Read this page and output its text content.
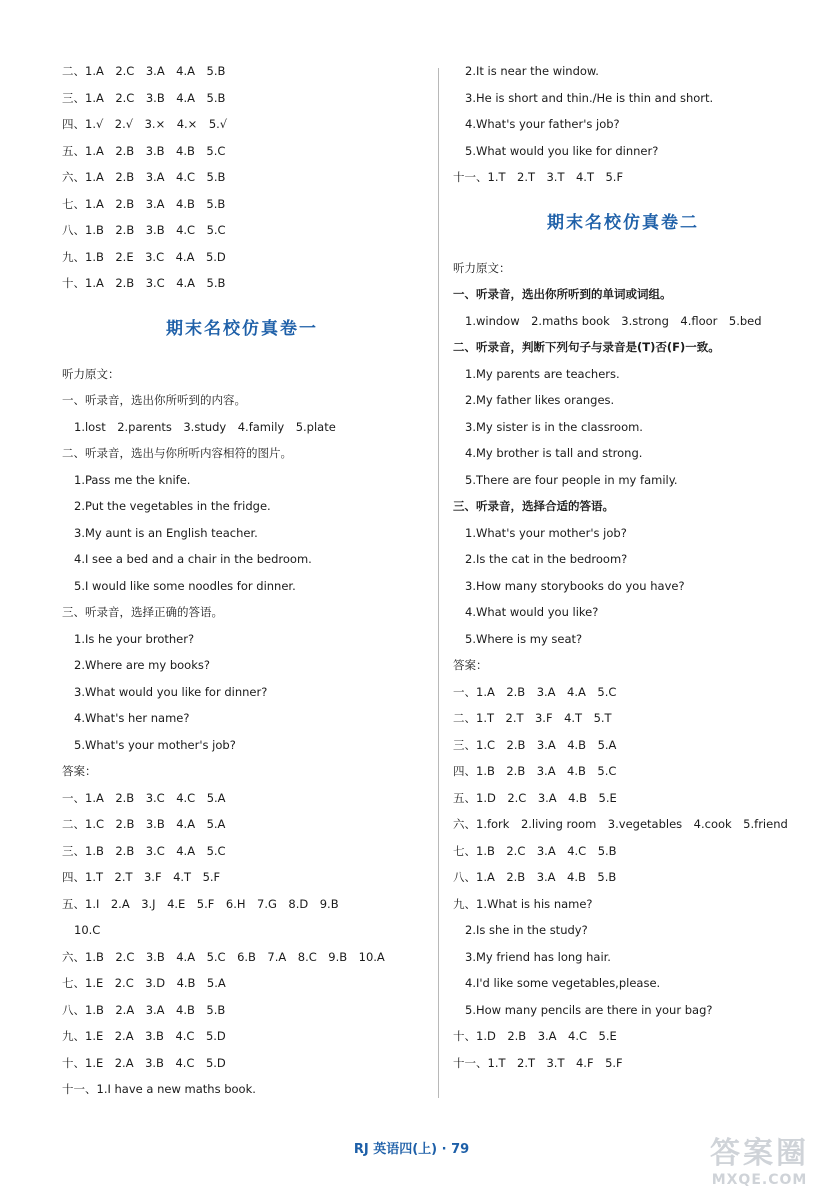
二、1.A　2.C　3.A　4.A　5.B
三、1.A　2.C　3.B　4.A　5.B
四、1.√　2.√　3.×　4.×　5.√
五、1.A　2.B　3.B　4.B　5.C
六、1.A　2.B　3.A　4.C　5.B
七、1.A　2.B　3.A　4.B　5.B
八、1.B　2.B　3.B　4.C　5.C
九、1.B　2.E　3.C　4.A　5.D
十、1.A　2.B　3.C　4.A　5.B
期末名校仿真卷一
听力原文：
一、听录音，选出你所听到的内容。
1.lost　2.parents　3.study　4.family　5.plate
二、听录音，选出与你所听内容相符的图片。
1.Pass me the knife.
2.Put the vegetables in the fridge.
3.My aunt is an English teacher.
4.I see a bed and a chair in the bedroom.
5.I would like some noodles for dinner.
三、听录音，选择正确的答语。
1.Is he your brother?
2.Where are my books?
3.What would you like for dinner?
4.What's her name?
5.What's your mother's job?
答案：
一、1.A　2.B　3.C　4.C　5.A
二、1.C　2.B　3.B　4.A　5.A
三、1.B　2.B　3.C　4.A　5.C
四、1.T　2.T　3.F　4.T　5.F
五、1.I　2.A　3.J　4.E　5.F　6.H　7.G　8.D　9.B
10.C
六、1.B　2.C　3.B　4.A　5.C　6.B　7.A　8.C　9.B　10.A
七、1.E　2.C　3.D　4.B　5.A
八、1.B　2.A　3.A　4.B　5.B
九、1.E　2.A　3.B　4.C　5.D
十、1.E　2.A　3.B　4.C　5.D
十一、1.I have a new maths book.
2.It is near the window.
3.He is short and thin./He is thin and short.
4.What's your father's job?
5.What would you like for dinner?
十一、1.T　2.T　3.T　4.T　5.F
期末名校仿真卷二
听力原文：
一、听录音，选出你所听到的单词或词组。
1.window　2.maths book　3.strong　4.floor　5.bed
二、听录音，判断下列句子与录音是(T)否(F)一致。
1.My parents are teachers.
2.My father likes oranges.
3.My sister is in the classroom.
4.My brother is tall and strong.
5.There are four people in my family.
三、听录音，选择合适的答语。
1.What's your mother's job?
2.Is the cat in the bedroom?
3.How many storybooks do you have?
4.What would you like?
5.Where is my seat?
答案：
一、1.A　2.B　3.A　4.A　5.C
二、1.T　2.T　3.F　4.T　5.T
三、1.C　2.B　3.A　4.B　5.A
四、1.B　2.B　3.A　4.B　5.C
五、1.D　2.C　3.A　4.B　5.E
六、1.fork　2.living room　3.vegetables　4.cook　5.friend
七、1.B　2.C　3.A　4.C　5.B
八、1.A　2.B　3.A　4.B　5.B
九、1.What is his name?
2.Is she in the study?
3.My friend has long hair.
4.I'd like some vegetables,please.
5.How many pencils are there in your bag?
十、1.D　2.B　3.A　4.C　5.E
十一、1.T　2.T　3.T　4.F　5.F
RJ 英语四(上) · 79	答案圈
MXQE.COM
